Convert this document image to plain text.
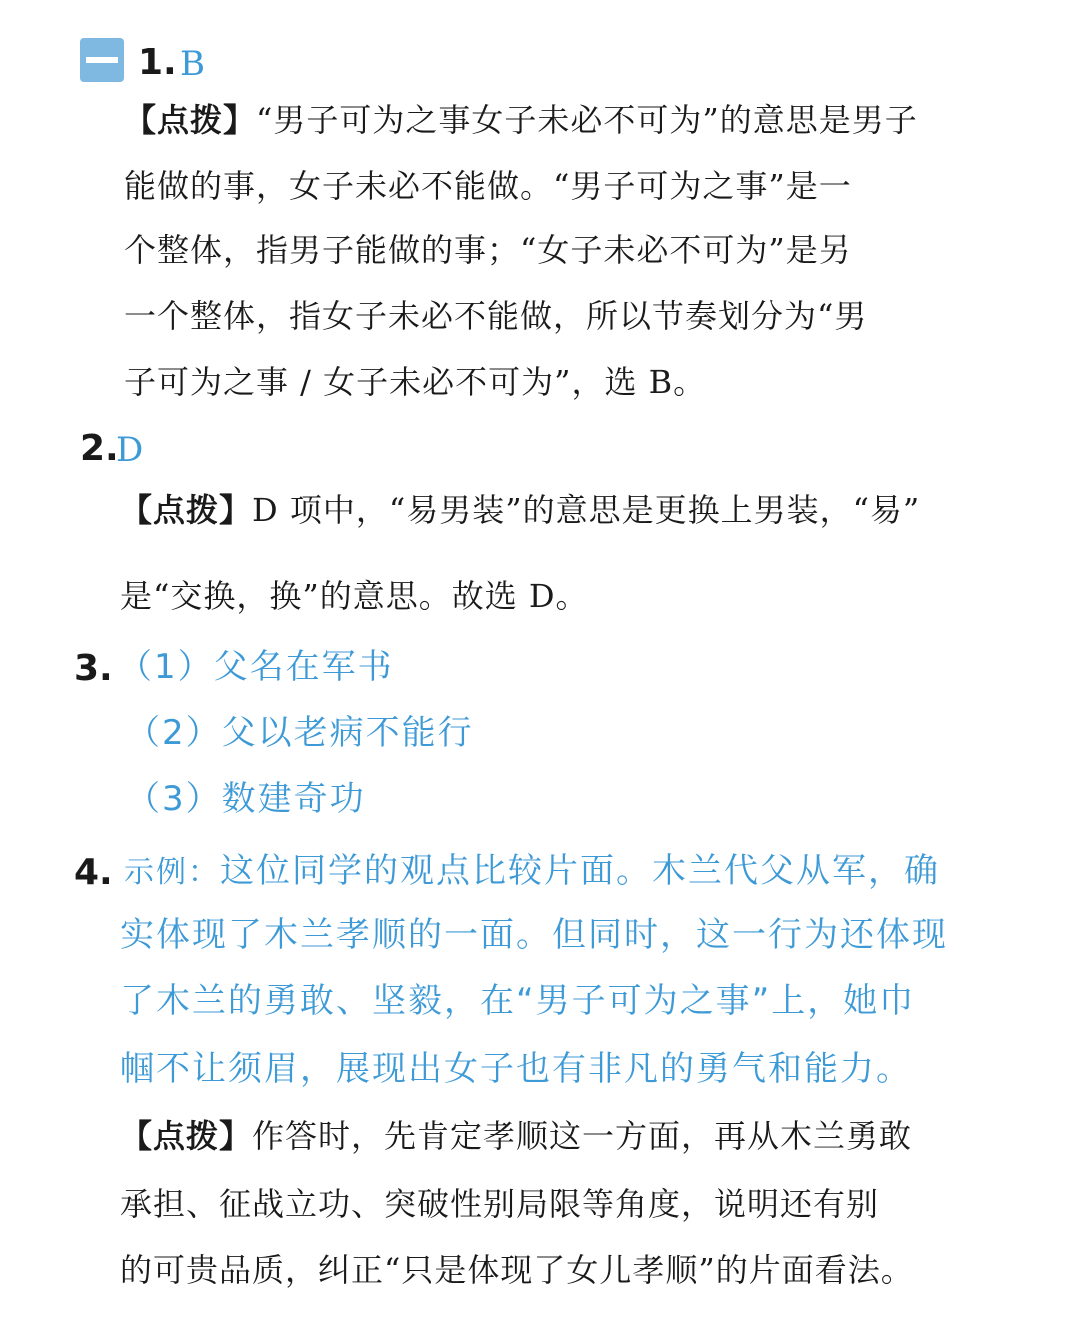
1. B
【点拨】“男子可为之事女子未必不可为”的意思是男子
能做的事，女子未必不能做。“男子可为之事”是一
个整体，指男子能做的事；“女子未必不可为”是另
一个整体，指女子未必不能做，所以节奏划分为“男
子可为之事 / 女子未必不可为”，选 B。
2.
D
【点拨】D 项中，“易男装”的意思是更换上男装，“易”
是“交换，换”的意思。故选 D。
3. （1）父名在军书
（2）父以老病不能行
（3）数建奇功
4. 示例：这位同学的观点比较片面。木兰代父从军，确
实体现了木兰孝顺的一面。但同时，这一行为还体现
了木兰的勇敢、坚毅，在“男子可为之事”上，她巾
帼不让须眉，展现出女子也有非凡的勇气和能力。
【点拨】作答时，先肯定孝顺这一方面，再从木兰勇敢
承担、征战立功、突破性别局限等角度，说明还有别
的可贵品质，纠正“只是体现了女儿孝顺”的片面看法。
